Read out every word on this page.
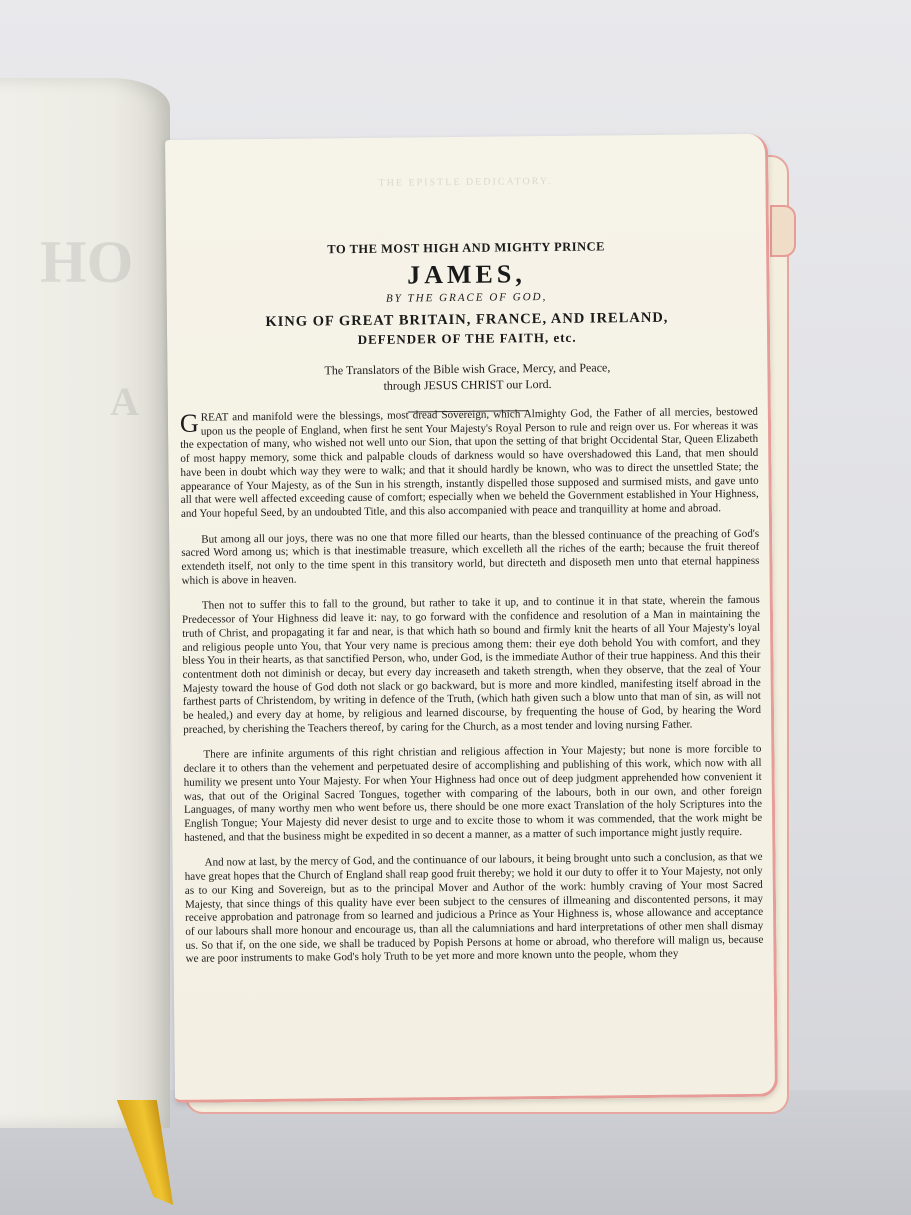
HO
A
THE EPISTLE DEDICATORY.
TO THE MOST HIGH AND MIGHTY PRINCE
JAMES,
BY THE GRACE OF GOD,
KING OF GREAT BRITAIN, FRANCE, AND IRELAND,
DEFENDER OF THE FAITH, etc.
The Translators of the Bible wish Grace, Mercy, and Peace,
through JESUS CHRIST our Lord.

GREAT and manifold were the blessings, most dread Sovereign, which Almighty God, the Father of all mercies, bestowed upon us the people of England, when first he sent Your Majesty's Royal Person to rule and reign over us. For whereas it was the expectation of many, who wished not well unto our Sion, that upon the setting of that bright Occidental Star, Queen Elizabeth of most happy memory, some thick and palpable clouds of darkness would so have overshadowed this Land, that men should have been in doubt which way they were to walk; and that it should hardly be known, who was to direct the unsettled State; the appearance of Your Majesty, as of the Sun in his strength, instantly dispelled those supposed and surmised mists, and gave unto all that were well affected exceeding cause of comfort; especially when we beheld the Government established in Your Highness, and Your hopeful Seed, by an undoubted Title, and this also accompanied with peace and tranquillity at home and abroad.

But among all our joys, there was no one that more filled our hearts, than the blessed continuance of the preaching of God's sacred Word among us; which is that inestimable treasure, which excelleth all the riches of the earth; because the fruit thereof extendeth itself, not only to the time spent in this transitory world, but directeth and disposeth men unto that eternal happiness which is above in heaven.

Then not to suffer this to fall to the ground, but rather to take it up, and to continue it in that state, wherein the famous Predecessor of Your Highness did leave it: nay, to go forward with the confidence and resolution of a Man in maintaining the truth of Christ, and propagating it far and near, is that which hath so bound and firmly knit the hearts of all Your Majesty's loyal and religious people unto You, that Your very name is precious among them: their eye doth behold You with comfort, and they bless You in their hearts, as that sanctified Person, who, under God, is the immediate Author of their true happiness. And this their contentment doth not diminish or decay, but every day increaseth and taketh strength, when they observe, that the zeal of Your Majesty toward the house of God doth not slack or go backward, but is more and more kindled, manifesting itself abroad in the farthest parts of Christendom, by writing in defence of the Truth, (which hath given such a blow unto that man of sin, as will not be healed,) and every day at home, by religious and learned discourse, by frequenting the house of God, by hearing the Word preached, by cherishing the Teachers thereof, by caring for the Church, as a most tender and loving nursing Father.

There are infinite arguments of this right christian and religious affection in Your Majesty; but none is more forcible to declare it to others than the vehement and perpetuated desire of accomplishing and publishing of this work, which now with all humility we present unto Your Majesty. For when Your Highness had once out of deep judgment apprehended how convenient it was, that out of the Original Sacred Tongues, together with comparing of the labours, both in our own, and other foreign Languages, of many worthy men who went before us, there should be one more exact Translation of the holy Scriptures into the English Tongue; Your Majesty did never desist to urge and to excite those to whom it was commended, that the work might be hastened, and that the business might be expedited in so decent a manner, as a matter of such importance might justly require.

And now at last, by the mercy of God, and the continuance of our labours, it being brought unto such a conclusion, as that we have great hopes that the Church of England shall reap good fruit thereby; we hold it our duty to offer it to Your Majesty, not only as to our King and Sovereign, but as to the principal Mover and Author of the work: humbly craving of Your most Sacred Majesty, that since things of this quality have ever been subject to the censures of illmeaning and discontented persons, it may receive approbation and patronage from so learned and judicious a Prince as Your Highness is, whose allowance and acceptance of our labours shall more honour and encourage us, than all the calumniations and hard interpretations of other men shall dismay us. So that if, on the one side, we shall be traduced by Popish Persons at home or abroad, who therefore will malign us, because we are poor instruments to make God's holy Truth to be yet more and more known unto the people, whom they
